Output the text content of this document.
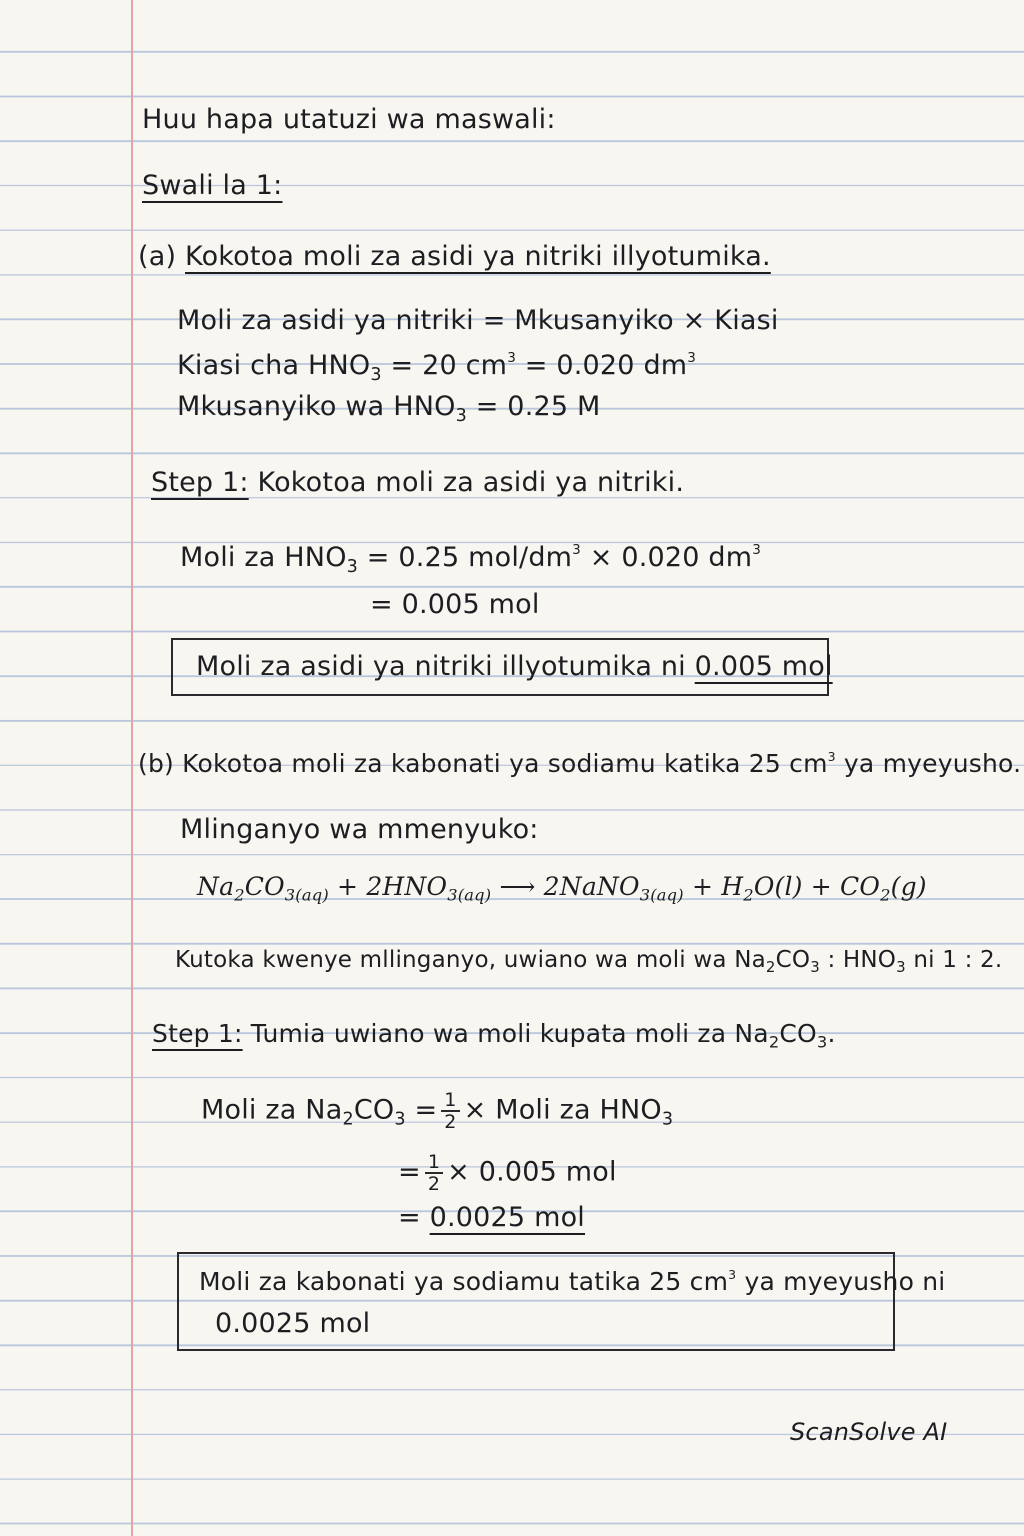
Huu hapa utatuzi wa maswali:
Swali la 1:
(a) Kokotoa moli za asidi ya nitriki illyotumika.
Moli za asidi ya nitriki = Mkusanyiko × Kiasi
Kiasi cha $HNO_3 = 20$ $cm^3 = 0.020$ $dm^3$
Mkusanyiko wa $HNO_3 = 0.25$ M
Step 1: Kokotoa moli za asidi ya nitriki.
Moli za $HNO_3 = 0.25$ mol/$dm^3 \times 0.020$ $dm^3$
= 0.005 mol
Moli za asidi ya nitriki illyotumika ni 0.005 mol
(b) Kokotoa moli za kabonati ya sodiamu katika 25 $cm^3$ ya myeyusho.
Mlinganyo wa mmenyuko:
$Na_2CO_{3(aq)} + 2HNO_{3(aq)}$ ⟶ 2NaNO$_{3(aq)}$ + $H_2O(l) + CO_2(g)$
Kutoka kwenye mllinganyo, uwiano wa moli wa $Na_2CO_3$ : $HNO_3$ ni 1 : 2.
Step 1: Tumia uwiano wa moli kupata moli za $Na_2CO_3$.
Moli za $Na_2CO_3 = \frac{1}{2}$ × Moli za $HNO_3$
= $\frac{1}{2} \times 0.005$ mol
= 0.0025 mol
Moli za kabonati ya sodiamu tatika 25 $cm^3$ ya myeyusho ni
0.0025 mol
ScanSolve AI
